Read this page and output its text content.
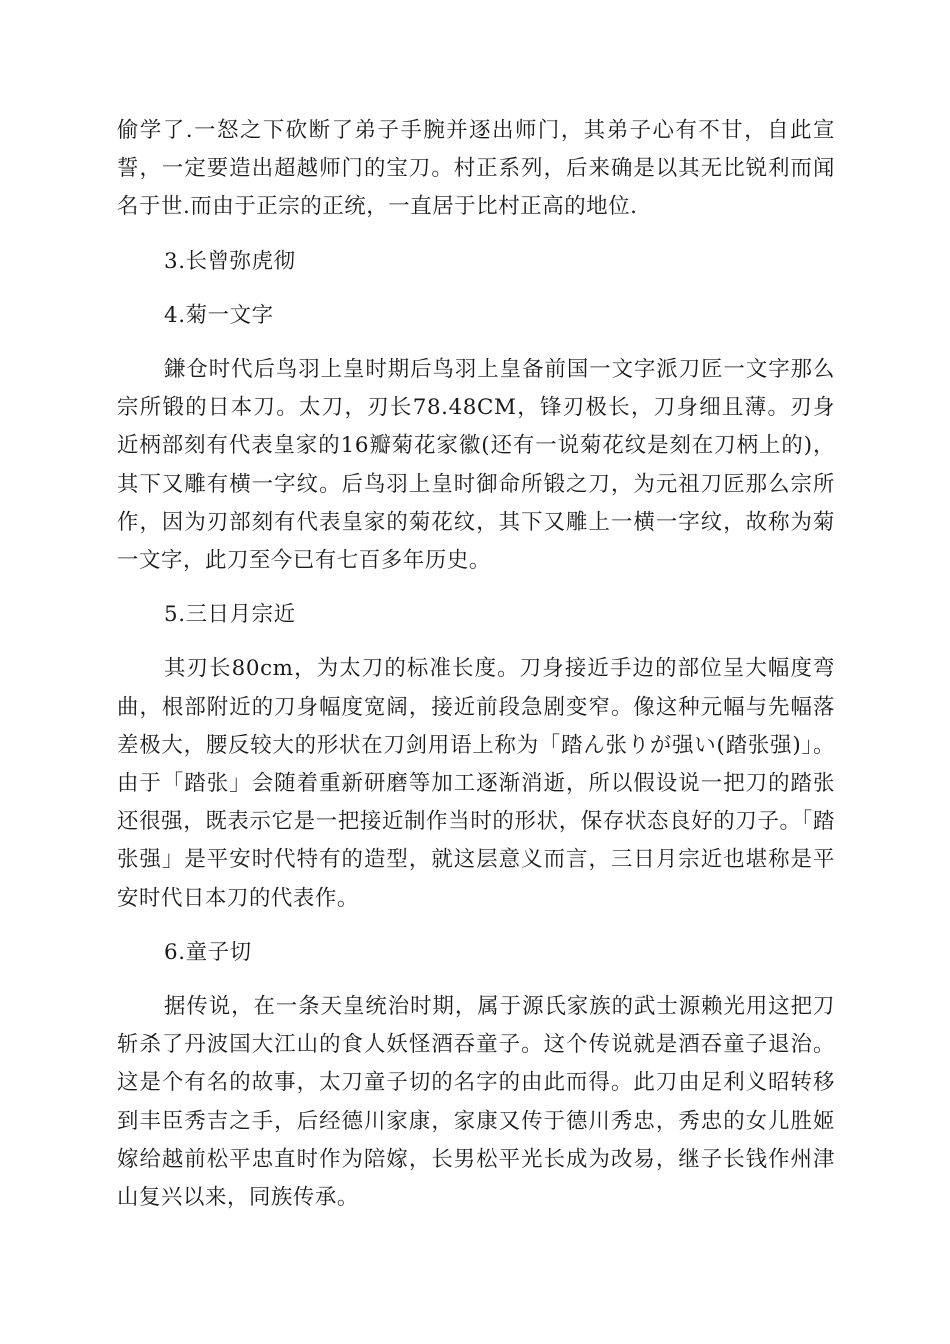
偷学了.一怒之下砍断了弟子手腕并逐出师门，其弟子心有不甘，自此宣誓，一定要造出超越师门的宝刀。村正系列，后来确是以其无比锐利而闻名于世.而由于正宗的正统，一直居于比村正高的地位.

3.长曾弥虎彻

4.菊一文字

鎌仓时代后鸟羽上皇时期后鸟羽上皇备前国一文字派刀匠一文字那么宗所锻的日本刀。太刀，刃长78.48CM，锋刃极长，刀身细且薄。刃身近柄部刻有代表皇家的16瓣菊花家徽(还有一说菊花纹是刻在刀柄上的)，其下又雕有横一字纹。后鸟羽上皇时御命所锻之刀，为元祖刀匠那么宗所作，因为刃部刻有代表皇家的菊花纹，其下又雕上一横一字纹，故称为菊一文字，此刀至今已有七百多年历史。

5.三日月宗近

其刃长80cm，为太刀的标准长度。刀身接近手边的部位呈大幅度弯曲，根部附近的刀身幅度宽阔，接近前段急剧变窄。像这种元幅与先幅落差极大，腰反较大的形状在刀剑用语上称为「踏ん张りが强い(踏张强)」。由于「踏张」会随着重新研磨等加工逐渐消逝，所以假设说一把刀的踏张还很强，既表示它是一把接近制作当时的形状，保存状态良好的刀子。「踏张强」是平安时代特有的造型，就这层意义而言，三日月宗近也堪称是平安时代日本刀的代表作。

6.童子切

据传说，在一条天皇统治时期，属于源氏家族的武士源赖光用这把刀斩杀了丹波国大江山的食人妖怪酒吞童子。这个传说就是酒吞童子退治。这是个有名的故事，太刀童子切的名字的由此而得。此刀由足利义昭转移到丰臣秀吉之手，后经德川家康，家康又传于德川秀忠，秀忠的女儿胜姬嫁给越前松平忠直时作为陪嫁，长男松平光长成为改易，继子长钱作州津山复兴以来，同族传承。
